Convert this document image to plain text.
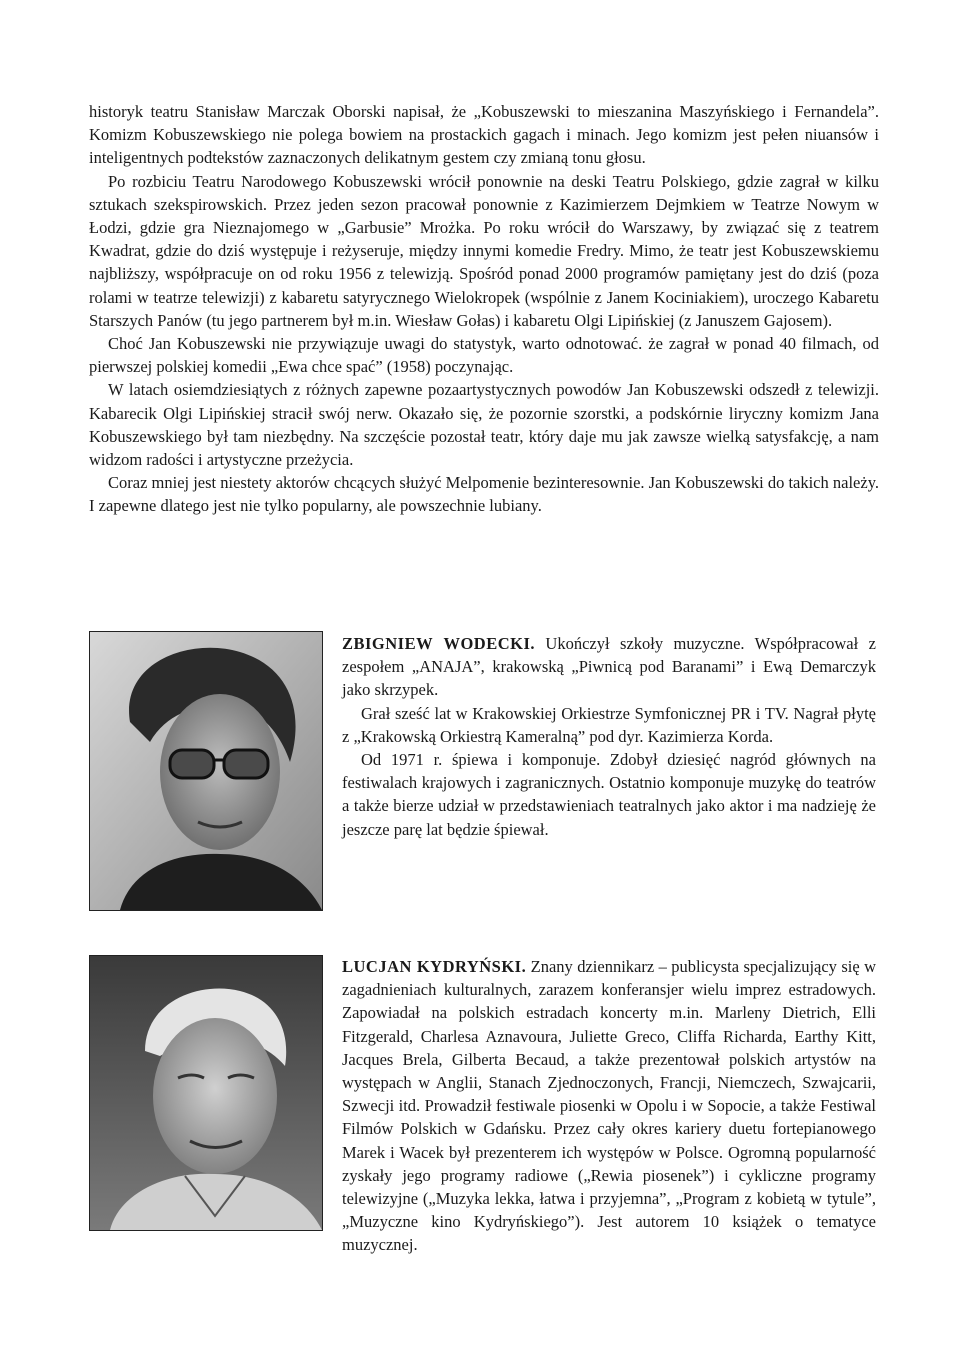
historyk teatru Stanisław Marczak Oborski napisał, że „Kobuszewski to mieszanina Maszyńskiego i Fernandela”. Komizm Kobuszewskiego nie polega bowiem na prostackich gagach i minach. Jego komizm jest pełen niuansów i inteligentnych podtekstów zaznaczonych delikatnym gestem czy zmianą tonu głosu.

Po rozbiciu Teatru Narodowego Kobuszewski wrócił ponownie na deski Teatru Polskiego, gdzie zagrał w kilku sztukach szekspirowskich. Przez jeden sezon pracował ponownie z Kazimierzem Dejmkiem w Teatrze Nowym w Łodzi, gdzie gra Nieznajomego w „Garbusie” Mrożka. Po roku wrócił do Warszawy, by związać się z teatrem Kwadrat, gdzie do dziś występuje i reżyseruje, między innymi komedie Fredry. Mimo, że teatr jest Kobuszewskiemu najbliższy, współpracuje on od roku 1956 z telewizją. Spośród ponad 2000 programów pamiętany jest do dziś (poza rolami w teatrze telewizji) z kabaretu satyrycznego Wielokropek (wspólnie z Janem Kociniakiem), uroczego Kabaretu Starszych Panów (tu jego partnerem był m.in. Wiesław Gołas) i kabaretu Olgi Lipińskiej (z Januszem Gajosem).

Choć Jan Kobuszewski nie przywiązuje uwagi do statystyk, warto odnotować. że zagrał w ponad 40 filmach, od pierwszej polskiej komedii „Ewa chce spać” (1958) poczynając.

W latach osiemdziesiątych z różnych zapewne pozaartystycznych powodów Jan Kobuszewski odszedł z telewizji. Kabarecik Olgi Lipińskiej stracił swój nerw. Okazało się, że pozornie szorstki, a podskórnie liryczny komizm Jana Kobuszewskiego był tam niezbędny. Na szczęście pozostał teatr, który daje mu jak zawsze wielką satysfakcję, a nam widzom radości i artystyczne przeżycia.

Coraz mniej jest niestety aktorów chcących służyć Melpomenie bezinteresownie. Jan Kobuszewski do takich należy. I zapewne dlatego jest nie tylko popularny, ale powszechnie lubiany.

ZBIGNIEW WODECKI. Ukończył szkoły muzyczne. Współpracował z zespołem „ANAJA”, krakowską „Piwnicą pod Baranami” i Ewą Demarczyk jako skrzypek.

Grał sześć lat w Krakowskiej Orkiestrze Symfonicznej PR i TV. Nagrał płytę z „Krakowską Orkiestrą Kameralną” pod dyr. Kazimierza Korda.

Od 1971 r. śpiewa i komponuje. Zdobył dziesięć nagród głównych na festiwalach krajowych i zagranicznych. Ostatnio komponuje muzykę do teatrów a także bierze udział w przedstawieniach teatralnych jako aktor i ma nadzieję że jeszcze parę lat będzie śpiewał.

LUCJAN KYDRYŃSKI. Znany dziennikarz – publicysta specjalizujący się w zagadnieniach kulturalnych, zarazem konferansjer wielu imprez estradowych. Zapowiadał na polskich estradach koncerty m.in. Marleny Dietrich, Elli Fitzgerald, Charlesa Aznavoura, Juliette Greco, Cliffa Richarda, Earthy Kitt, Jacques Brela, Gilberta Becaud, a także prezentował polskich artystów na występach w Anglii, Stanach Zjednoczonych, Francji, Niemczech, Szwajcarii, Szwecji itd. Prowadził festiwale piosenki w Opolu i w Sopocie, a także Festiwal Filmów Polskich w Gdańsku. Przez cały okres kariery duetu fortepianowego Marek i Wacek był prezenterem ich występów w Polsce. Ogromną popularność zyskały jego programy radiowe („Rewia piosenek”) i cykliczne programy telewizyjne („Muzyka lekka, łatwa i przyjemna”, „Program z kobietą w tytule”, „Muzyczne kino Kydryńskiego”). Jest autorem 10 książek o tematyce muzycznej.
